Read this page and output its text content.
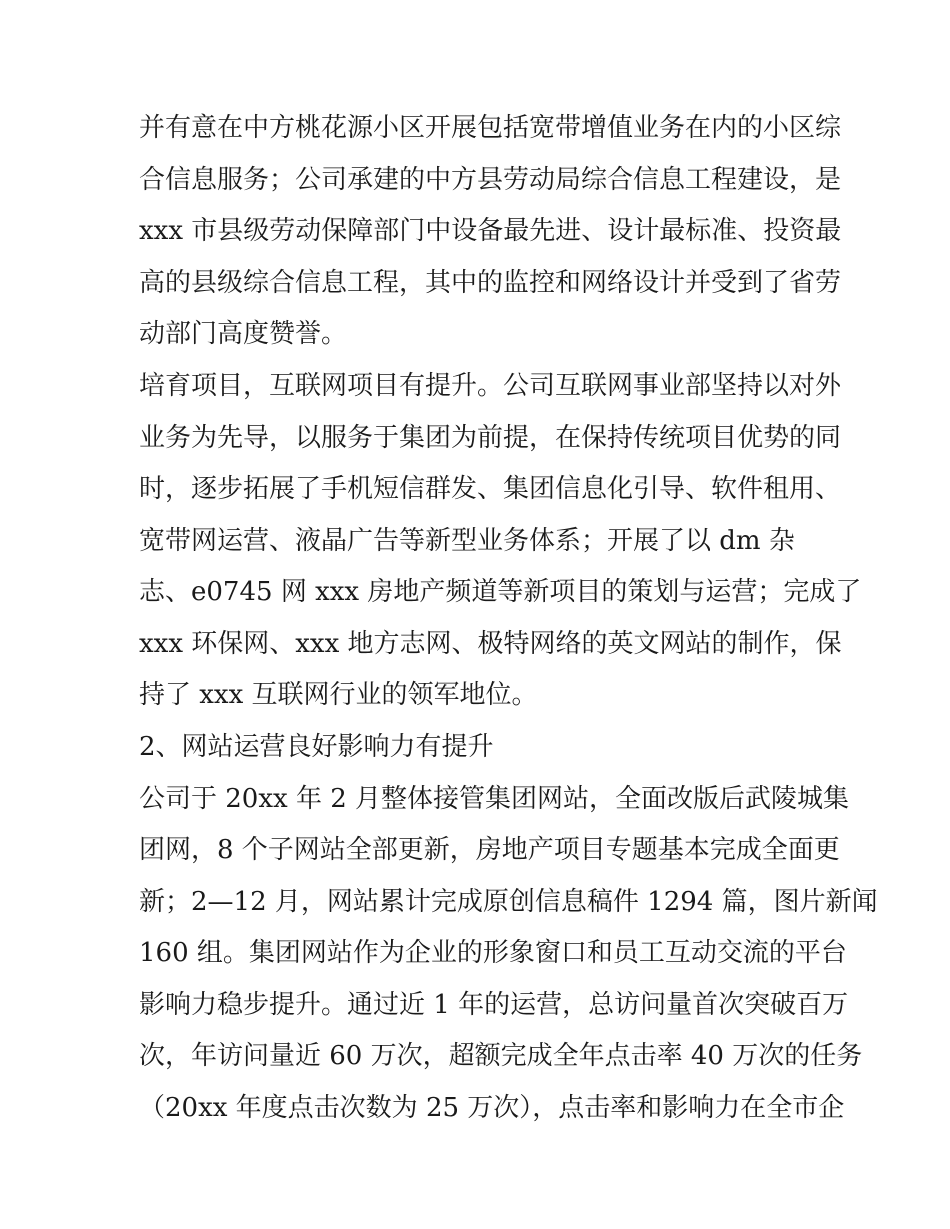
并有意在中方桃花源小区开展包括宽带增值业务在内的小区综
合信息服务；公司承建的中方县劳动局综合信息工程建设，是
xxx 市县级劳动保障部门中设备最先进、设计最标准、投资最
高的县级综合信息工程，其中的监控和网络设计并受到了省劳
动部门高度赞誉。
培育项目，互联网项目有提升。公司互联网事业部坚持以对外
业务为先导，以服务于集团为前提，在保持传统项目优势的同
时，逐步拓展了手机短信群发、集团信息化引导、软件租用、
宽带网运营、液晶广告等新型业务体系；开展了以 dm 杂
志、e0745 网 xxx 房地产频道等新项目的策划与运营；完成了
xxx 环保网、xxx 地方志网、极特网络的英文网站的制作，保
持了 xxx 互联网行业的领军地位。
2、网站运营良好影响力有提升
公司于 20xx 年 2 月整体接管集团网站，全面改版后武陵城集
团网，8 个子网站全部更新，房地产项目专题基本完成全面更
新；2—12 月，网站累计完成原创信息稿件 1294 篇，图片新闻
160 组。集团网站作为企业的形象窗口和员工互动交流的平台
影响力稳步提升。通过近 1 年的运营，总访问量首次突破百万
次，年访问量近 60 万次，超额完成全年点击率 40 万次的任务
（20xx 年度点击次数为 25 万次），点击率和影响力在全市企
